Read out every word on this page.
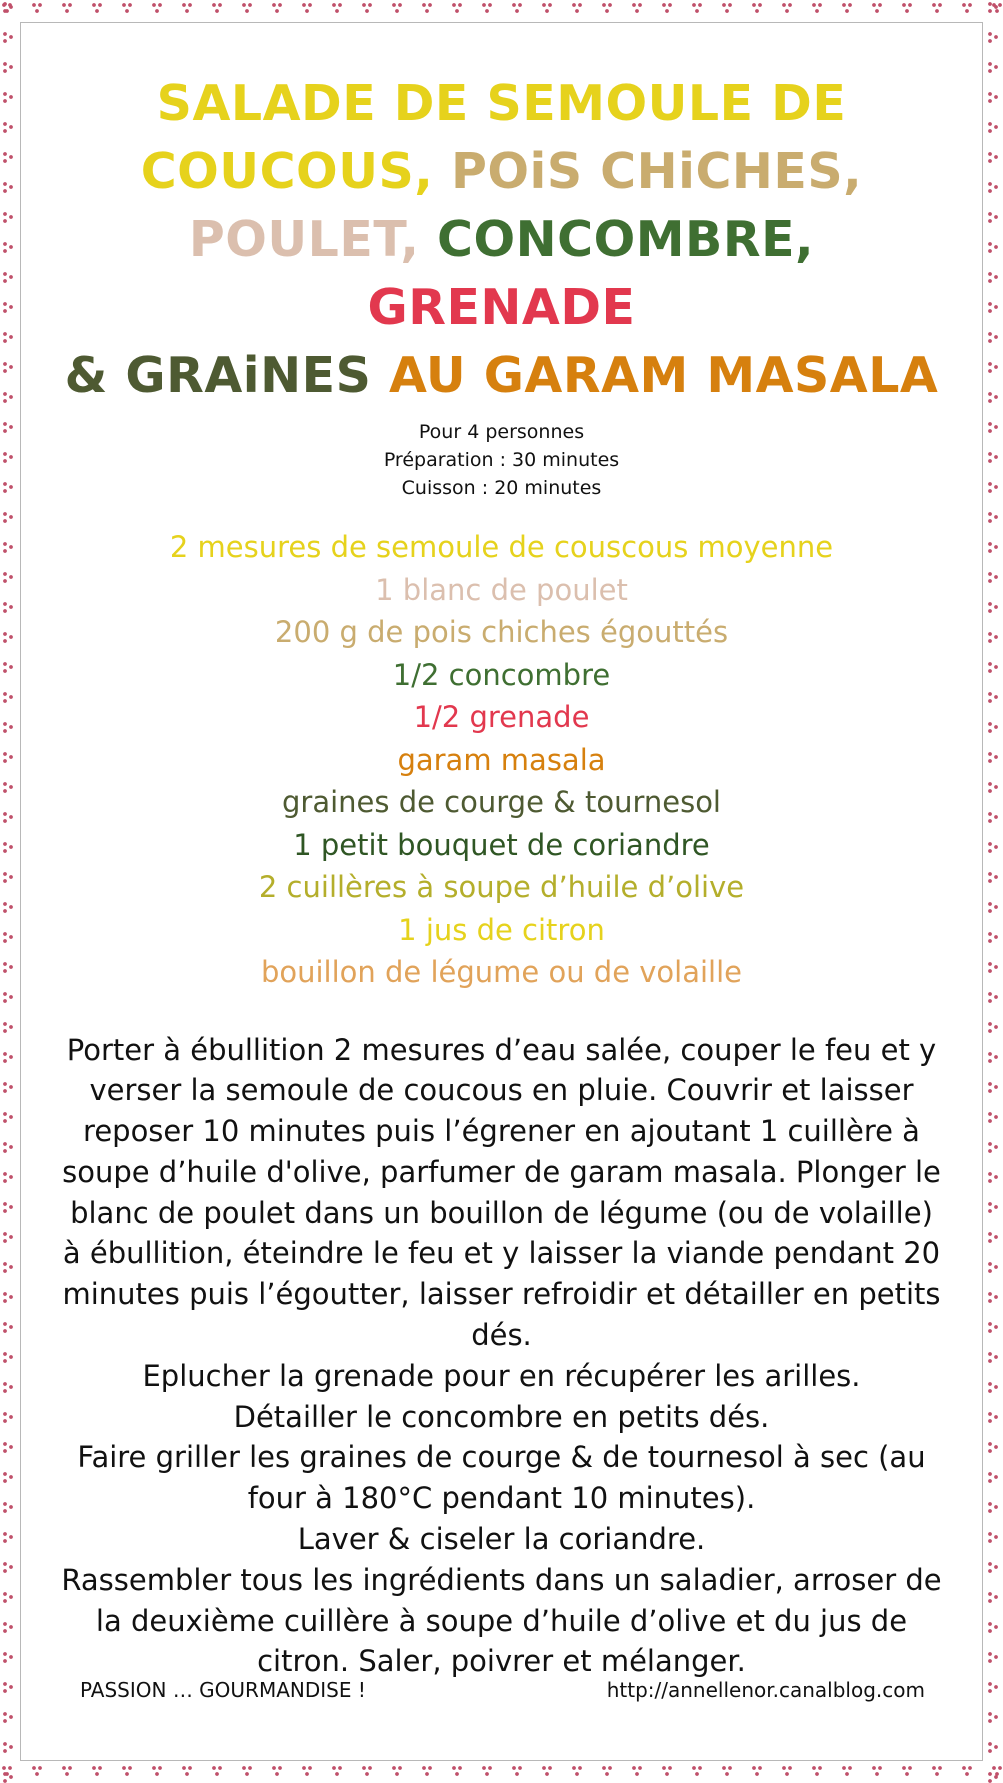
SALADE DE SEMOULE DE
COUCOUS, POiS CHiCHES,
POULET, CONCOMBRE, GRENADE
& GRAiNES AU GARAM MASALA
Pour 4 personnes
Préparation : 30 minutes
Cuisson : 20 minutes
2 mesures de semoule de couscous moyenne
1 blanc de poulet
200 g de pois chiches égouttés
1/2 concombre
1/2 grenade
garam masala
graines de courge & tournesol
1 petit bouquet de coriandre
2 cuillères à soupe d’huile d’olive
1 jus de citron
bouillon de légume ou de volaille

Porter à ébullition 2 mesures d’eau salée, couper le feu et y verser la semoule de coucous en pluie. Couvrir et laisser reposer 10 minutes puis l’égrener en ajoutant 1 cuillère à soupe d’huile d'olive, parfumer de garam masala. Plonger le blanc de poulet dans un bouillon de légume (ou de volaille) à ébullition, éteindre le feu et y laisser la viande pendant 20 minutes puis l’égoutter, laisser refroidir et détailler en petits dés.

Eplucher la grenade pour en récupérer les arilles.

Détailler le concombre en petits dés.

Faire griller les graines de courge & de tournesol à sec (au four à 180°C pendant 10 minutes).

Laver & ciseler la coriandre.

Rassembler tous les ingrédients dans un saladier, arroser de la deuxième cuillère à soupe d’huile d’olive et du jus de citron. Saler, poivrer et mélanger.

PASSION … GOURMANDISE !	http://annellenor.canalblog.com
